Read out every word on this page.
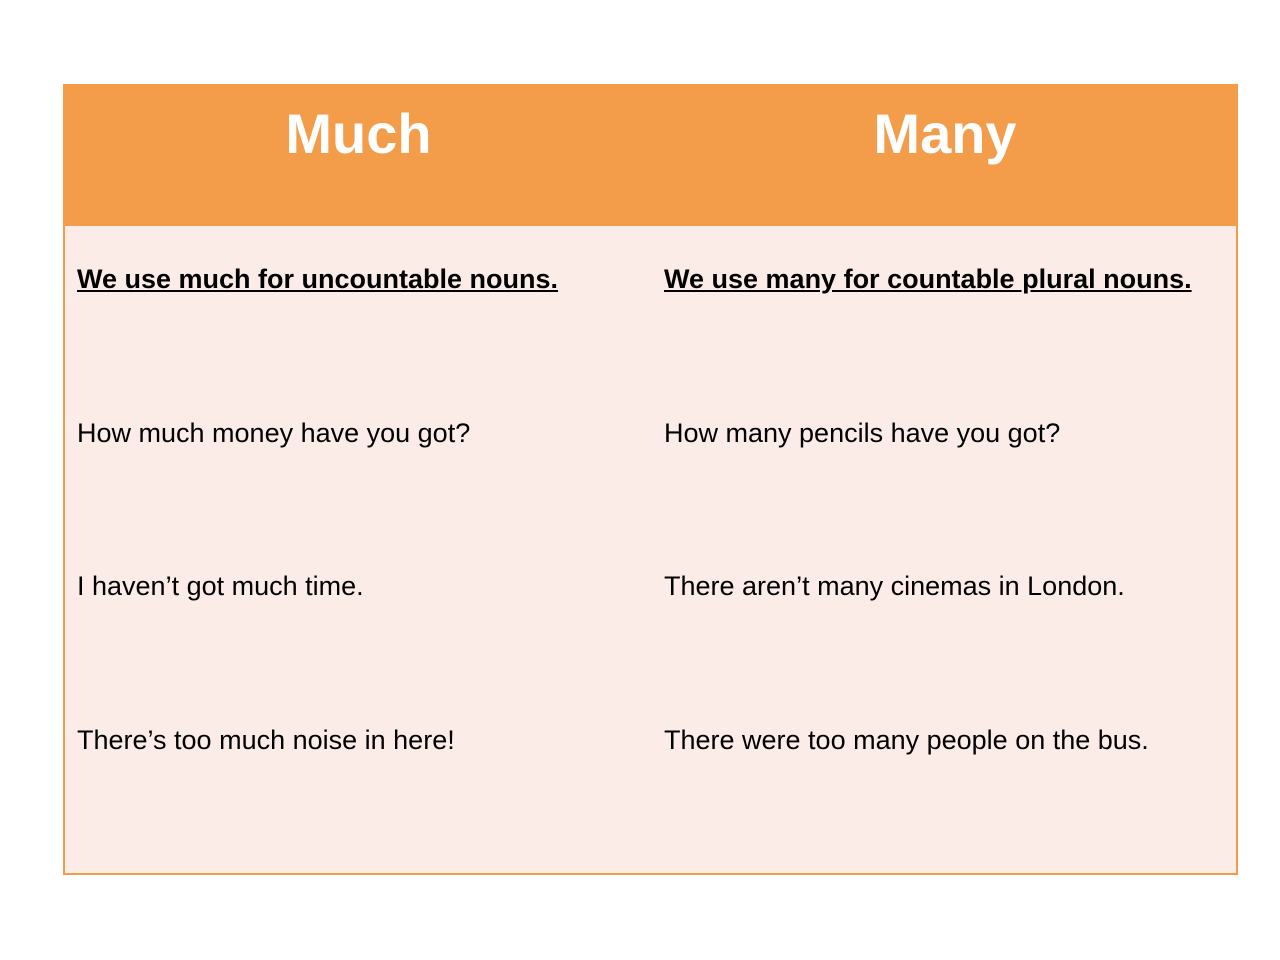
Much	Many
We use much for uncountable nouns.
How much money have you got?
I haven’t got much time.
There’s too much noise in here!
We use many for countable plural nouns.
How many pencils have you got?
There aren’t many cinemas in London.
There were too many people on the bus.
